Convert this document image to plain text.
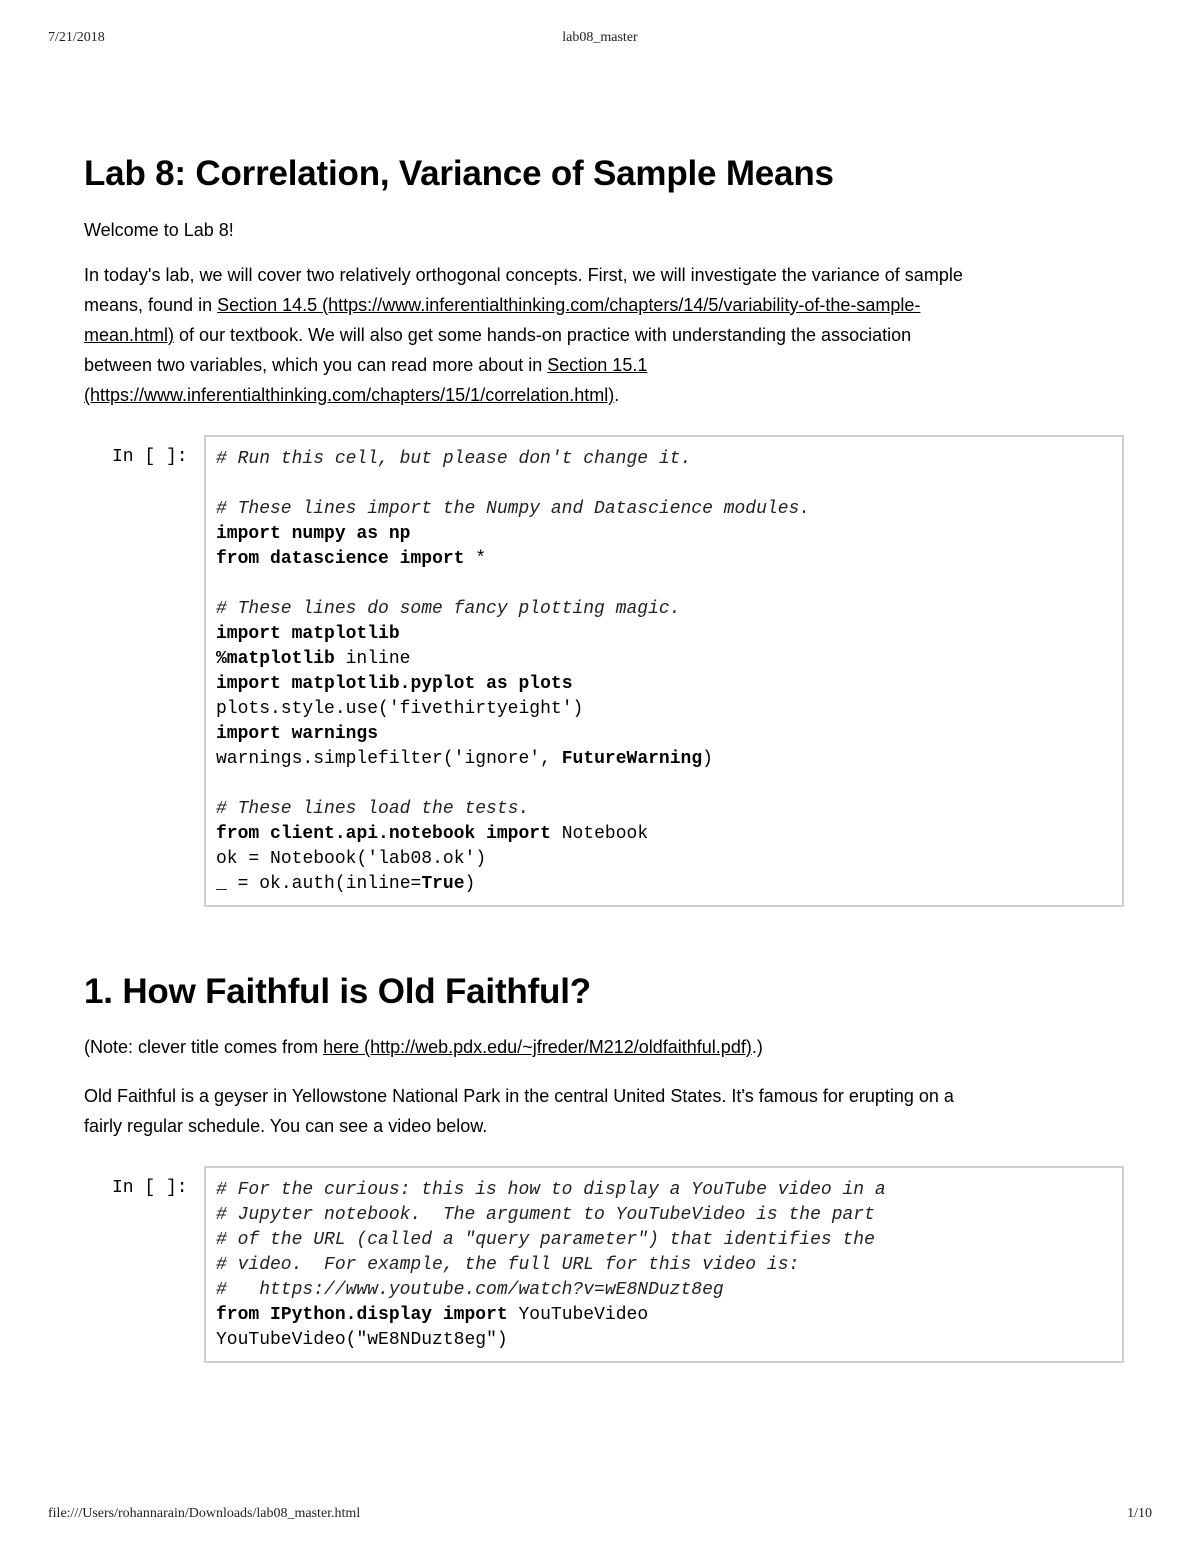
7/21/2018	lab08_master
Lab 8: Correlation, Variance of Sample Means

Welcome to Lab 8!

In today's lab, we will cover two relatively orthogonal concepts. First, we will investigate the variance of sample

means, found in Section 14.5 (https://www.inferentialthinking.com/chapters/14/5/variability-of-the-sample-

mean.html) of our textbook. We will also get some hands-on practice with understanding the association

between two variables, which you can read more about in Section 15.1

(https://www.inferentialthinking.com/chapters/15/1/correlation.html).

In [ ]: # Run this cell, but please don't change it.
# These lines import the Numpy and Datascience modules.
import numpy as np
from datascience import *
# These lines do some fancy plotting magic.
import matplotlib
%matplotlib inline
import matplotlib.pyplot as plots
plots.style.use('fivethirtyeight')
import warnings
warnings.simplefilter('ignore', FutureWarning)
# These lines load the tests.
from client.api.notebook import Notebook
ok = Notebook('lab08.ok')
_ = ok.auth(inline=True)
1. How Faithful is Old Faithful?

(Note: clever title comes from here (http://web.pdx.edu/~jfreder/M212/oldfaithful.pdf).)

Old Faithful is a geyser in Yellowstone National Park in the central United States. It's famous for erupting on a

fairly regular schedule. You can see a video below.

In [ ]: # For the curious: this is how to display a YouTube video in a
# Jupyter notebook.  The argument to YouTubeVideo is the part
# of the URL (called a "query parameter") that identifies the
# video.  For example, the full URL for this video is:
#   https://www.youtube.com/watch?v=wE8NDuzt8eg
from IPython.display import YouTubeVideo
YouTubeVideo("wE8NDuzt8eg")
file:///Users/rohannarain/Downloads/lab08_master.html	1/10
